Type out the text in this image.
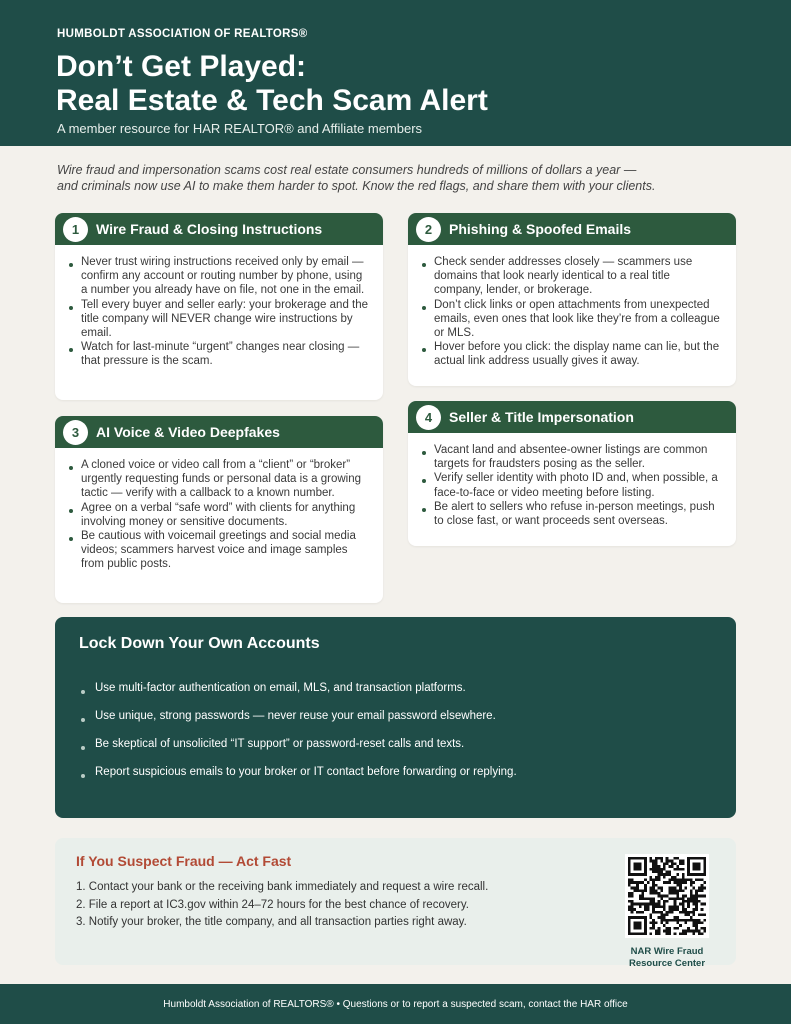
HUMBOLDT ASSOCIATION OF REALTORS®
Don’t Get Played:
Real Estate & Tech Scam Alert
A member resource for HAR REALTOR® and Affiliate members
Wire fraud and impersonation scams cost real estate consumers hundreds of millions of dollars a year —
and criminals now use AI to make them harder to spot. Know the red flags, and share them with your clients.
1	Wire Fraud & Closing Instructions
Never trust wiring instructions received only by email — confirm any account or routing number by phone, using a number you already have on file, not one in the email.
Tell every buyer and seller early: your brokerage and the title company will NEVER change wire instructions by email.
Watch for last-minute “urgent” changes near closing — that pressure is the scam.
2	Phishing & Spoofed Emails
Check sender addresses closely — scammers use domains that look nearly identical to a real title company, lender, or brokerage.
Don’t click links or open attachments from unexpected emails, even ones that look like they’re from a colleague or MLS.
Hover before you click: the display name can lie, but the actual link address usually gives it away.
3	AI Voice & Video Deepfakes
A cloned voice or video call from a “client” or “broker” urgently requesting funds or personal data is a growing tactic — verify with a callback to a known number.
Agree on a verbal “safe word” with clients for anything involving money or sensitive documents.
Be cautious with voicemail greetings and social media videos; scammers harvest voice and image samples from public posts.
4	Seller & Title Impersonation
Vacant land and absentee-owner listings are common targets for fraudsters posing as the seller.
Verify seller identity with photo ID and, when possible, a face-to-face or video meeting before listing.
Be alert to sellers who refuse in-person meetings, push to close fast, or want proceeds sent overseas.
Lock Down Your Own Accounts
Use multi-factor authentication on email, MLS, and transaction platforms.
Use unique, strong passwords — never reuse your email password elsewhere.
Be skeptical of unsolicited “IT support” or password-reset calls and texts.
Report suspicious emails to your broker or IT contact before forwarding or replying.
If You Suspect Fraud — Act Fast
1. Contact your bank or the receiving bank immediately and request a wire recall.
2. File a report at IC3.gov within 24–72 hours for the best chance of recovery.
3. Notify your broker, the title company, and all transaction parties right away.
NAR Wire Fraud
Resource Center
Humboldt Association of REALTORS® • Questions or to report a suspected scam, contact the HAR office
